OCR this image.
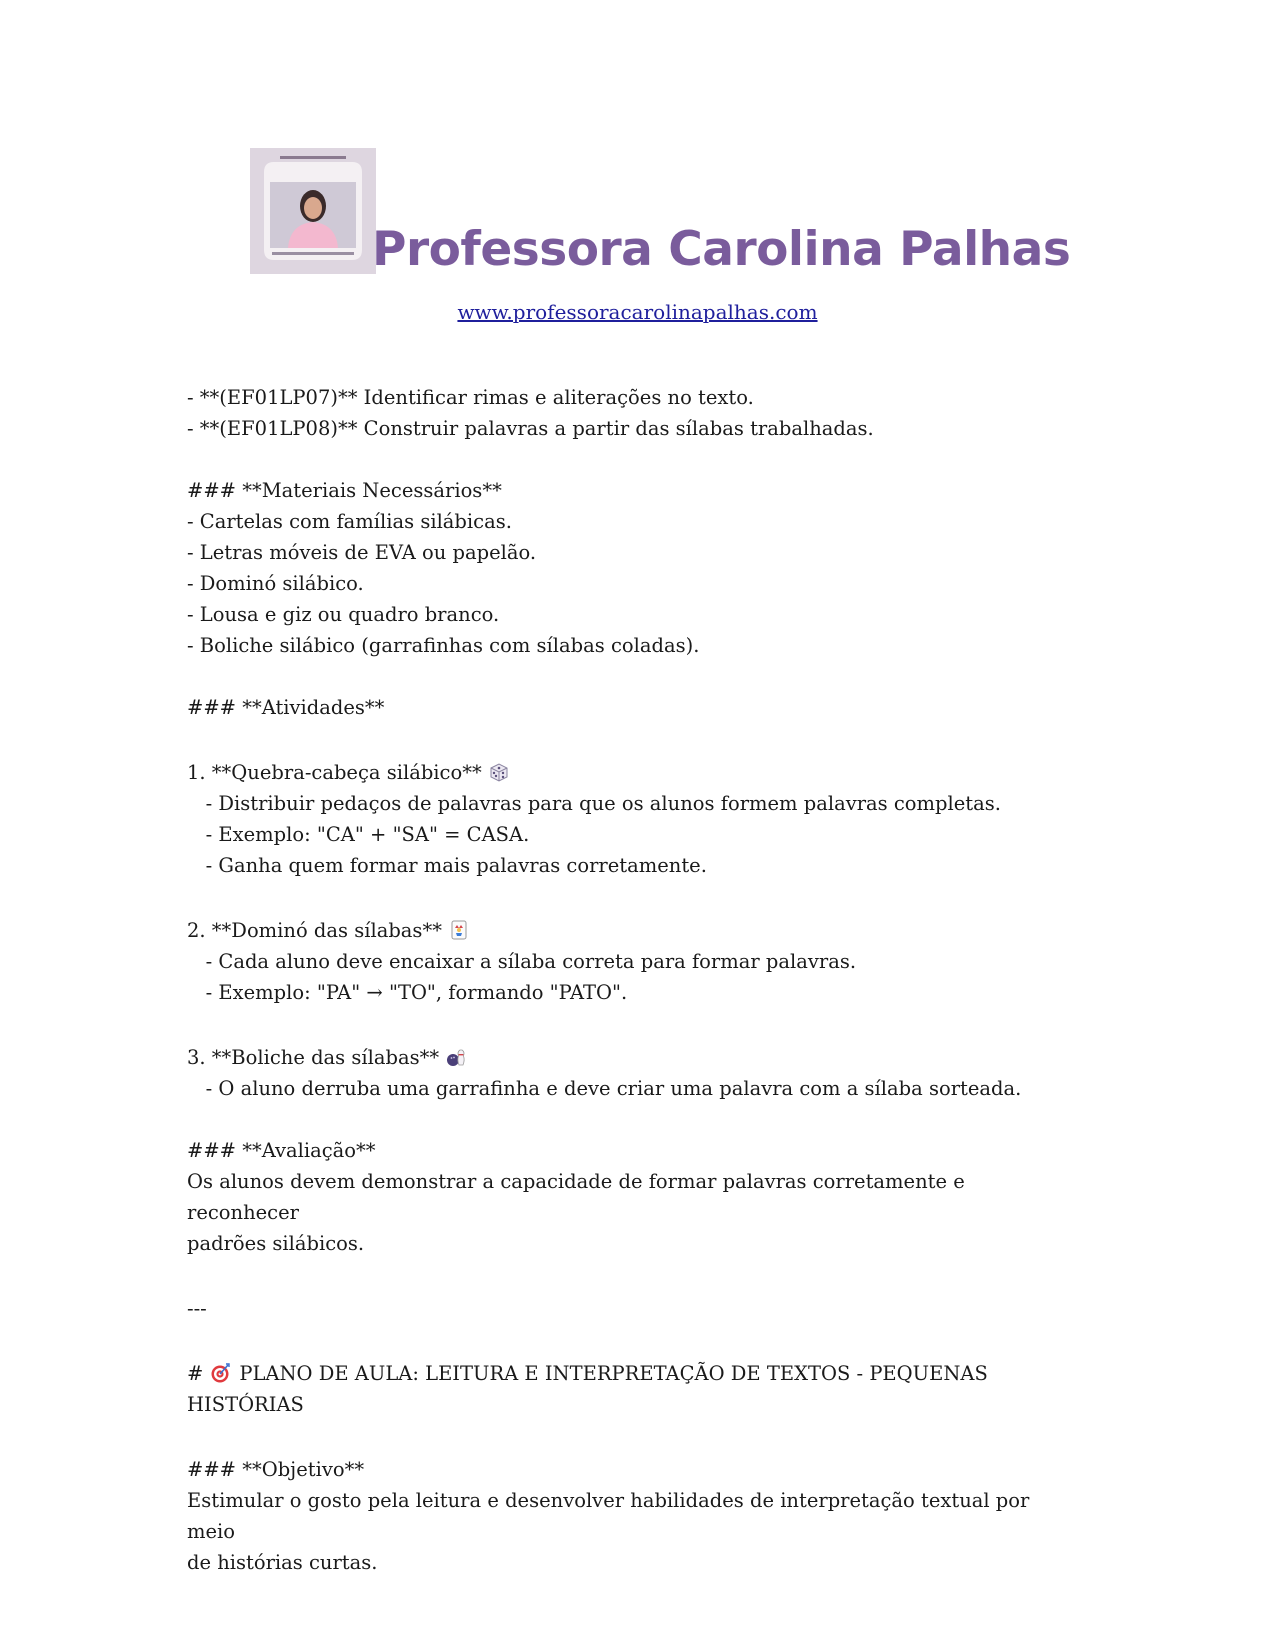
Professora Carolina Palhas
www.professoracarolinapalhas.com
- **(EF01LP07)** Identificar rimas e aliterações no texto.
- **(EF01LP08)** Construir palavras a partir das sílabas trabalhadas.
### **Materiais Necessários**
- Cartelas com famílias silábicas.
- Letras móveis de EVA ou papelão.
- Dominó silábico.
- Lousa e giz ou quadro branco.
- Boliche silábico (garrafinhas com sílabas coladas).
### **Atividades**
1. **Quebra-cabeça silábico**
- Distribuir pedaços de palavras para que os alunos formem palavras completas.
- Exemplo: "CA" + "SA" = CASA.
- Ganha quem formar mais palavras corretamente.
2. **Dominó das sílabas**
- Cada aluno deve encaixar a sílaba correta para formar palavras.
- Exemplo: "PA" → "TO", formando "PATO".
3. **Boliche das sílabas**
- O aluno derruba uma garrafinha e deve criar uma palavra com a sílaba sorteada.
### **Avaliação**
Os alunos devem demonstrar a capacidade de formar palavras corretamente e reconhecer
padrões silábicos.
---
# PLANO DE AULA: LEITURA E INTERPRETAÇÃO DE TEXTOS - PEQUENAS HISTÓRIAS
### **Objetivo**
Estimular o gosto pela leitura e desenvolver habilidades de interpretação textual por meio
de histórias curtas.
